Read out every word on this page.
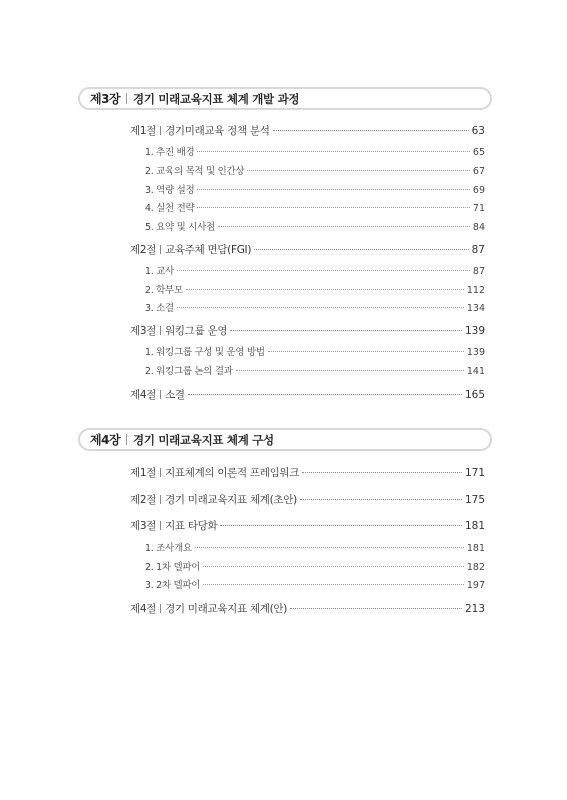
제3장 경기 미래교육지표 체계 개발 과정
제1절 경기미래교육 정책 분석	63
1. 추진 배경	65
2. 교육의 목적 및 인간상	67
3. 역량 설정	69
4. 실천 전략	71
5. 요약 및 시사점	84
제2절 교육주체 면담(FGI)	87
1. 교사	87
2. 학부모	112
3. 소결	134
제3절 워킹그룹 운영	139
1. 워킹그룹 구성 및 운영 방법	139
2. 워킹그룹 논의 결과	141
제4절 소결	165
제4장 경기 미래교육지표 체계 구성
제1절 지표체계의 이론적 프레임워크	171
제2절 경기 미래교육지표 체계(초안)	175
제3절 지표 타당화	181
1. 조사개요	181
2. 1차 델파이	182
3. 2차 델파이	197
제4절 경기 미래교육지표 체계(안)	213
